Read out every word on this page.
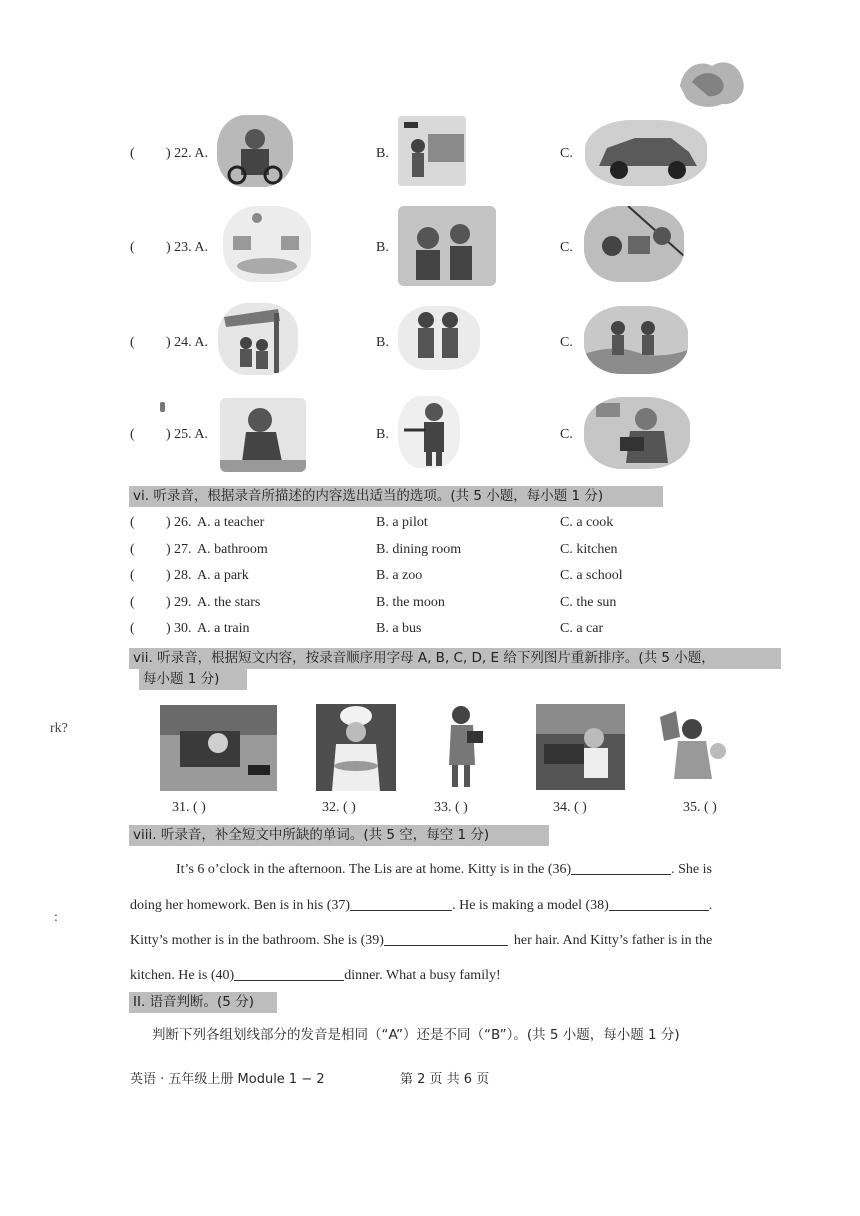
rk?
:
( ) 22. A.	B.	C.
( ) 23. A.	B.	C.
( ) 24. A.	B.	C.
( ) 25. A.	B.	C.
vi. 听录音，根据录音所描述的内容选出适当的选项。(共 5 小题，每小题 1 分)
( ) 26. A. a teacher	B. a pilot	C. a cook
( ) 27. A. bathroom	B. dining room	C. kitchen
( ) 28. A. a park	B. a zoo	C. a school
( ) 29. A. the stars	B. the moon	C. the sun
( ) 30. A. a train	B. a bus	C. a car
vii. 听录音，根据短文内容，按录音顺序用字母 A, B, C, D, E 给下列图片重新排序。(共 5 小题，
每小题 1 分)
31. ( )	32. ( )	33. ( )	34. ( )	35. ( )
viii. 听录音，补全短文中所缺的单词。(共 5 空，每空 1 分)
It’s 6 o’clock in the afternoon. The Lis are at home. Kitty is in the (36)	. She is
doing her homework. Ben is in his (37)	. He is making a model (38)	.
Kitty’s mother is in the bathroom. She is (39)	her hair. And Kitty’s father is in the
kitchen. He is (40)	dinner. What a busy family!
II. 语音判断。(5 分)
判断下列各组划线部分的发音是相同（“A”）还是不同（“B”）。(共 5 小题，每小题 1 分)
英语 · 五年级上册 Module 1 − 2	第 2 页 共 6 页
